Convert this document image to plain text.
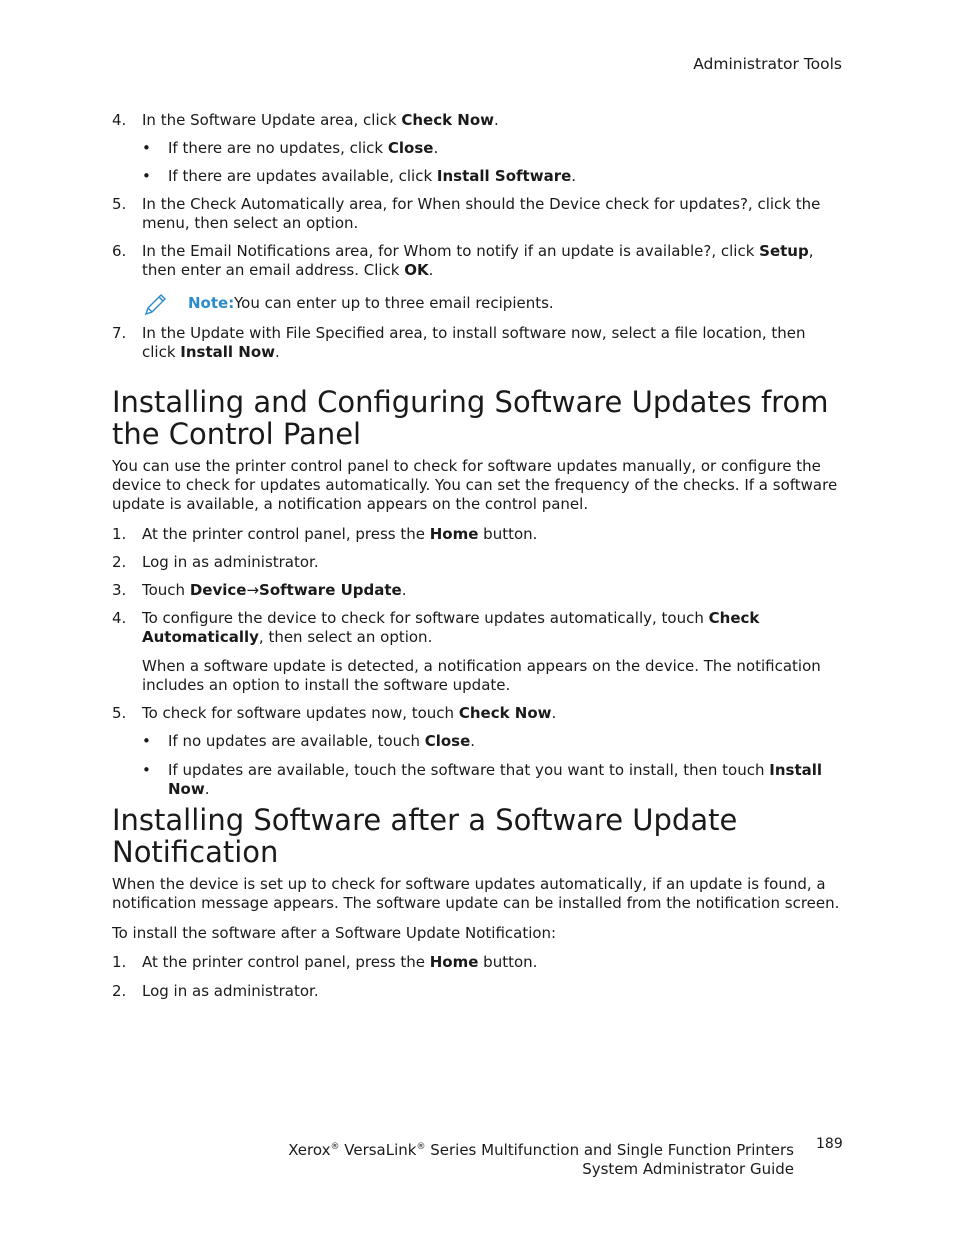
Administrator Tools
4.	In the Software Update area, click Check Now.
• If there are no updates, click Close.
• If there are updates available, click Install Software.
5.	In the Check Automatically area, for When should the Device check for updates?, click the menu, then select an option.
6.	In the Email Notifications area, for Whom to notify if an update is available?, click Setup, then enter an email address. Click OK.
Note: You can enter up to three email recipients.
7.	In the Update with File Specified area, to install software now, select a file location, then click Install Now.
Installing and Configuring Software Updates from the Control Panel
You can use the printer control panel to check for software updates manually, or configure the device to check for updates automatically. You can set the frequency of the checks. If a software update is available, a notification appears on the control panel.
1.	At the printer control panel, press the Home button.
2.	Log in as administrator.
3.	Touch Device→Software Update.
4.	To configure the device to check for software updates automatically, touch Check Automatically, then select an option.
When a software update is detected, a notification appears on the device. The notification includes an option to install the software update.
5.	To check for software updates now, touch Check Now.
• If no updates are available, touch Close.
• If updates are available, touch the software that you want to install, then touch Install Now.
Installing Software after a Software Update Notification
When the device is set up to check for software updates automatically, if an update is found, a notification message appears. The software update can be installed from the notification screen.
To install the software after a Software Update Notification:
1.	At the printer control panel, press the Home button.
2.	Log in as administrator.
Xerox® VersaLink® Series Multifunction and Single Function Printers
System Administrator Guide
189
